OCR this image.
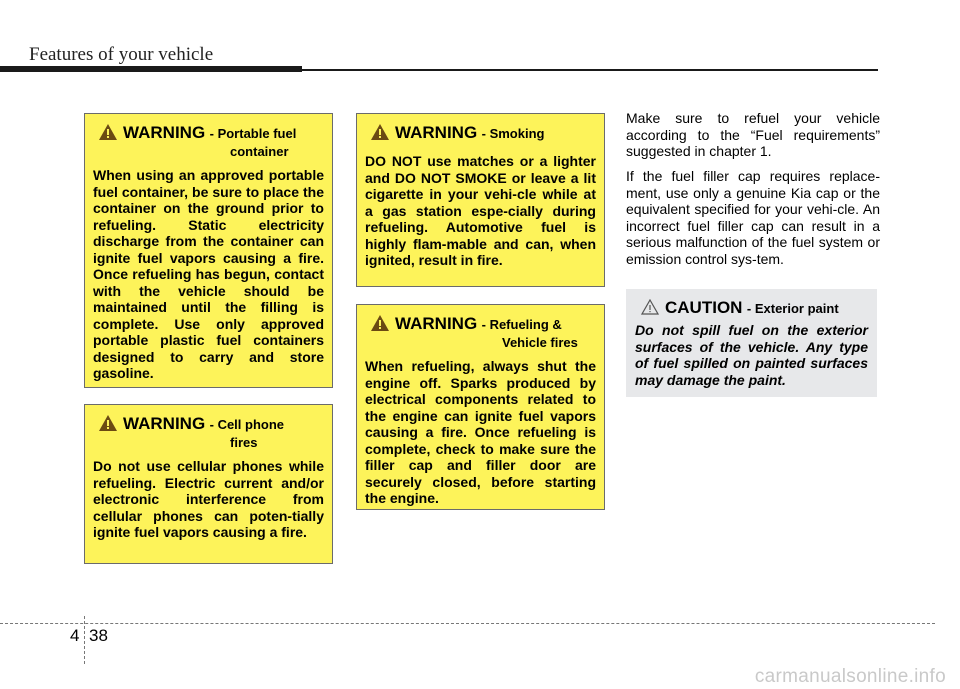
Features of your vehicle
WARNING - Portable fuel
container
When using an approved portable fuel container, be sure to place the container on the ground prior to refueling. Static electricity discharge from the container can ignite fuel vapors causing a fire. Once refueling has begun, contact with the vehicle should be maintained until the filling is complete. Use only approved portable plastic fuel containers designed to carry and store gasoline.
WARNING - Cell phone
fires
Do not use cellular phones while refueling. Electric current and/or electronic interference from cellular phones can poten-tially ignite fuel vapors causing a fire.
WARNING - Smoking
DO NOT use matches or a lighter and DO NOT SMOKE or leave a lit cigarette in your vehi-cle while at a gas station espe-cially during refueling. Automotive fuel is highly flam-mable and can, when ignited, result in fire.
WARNING - Refueling &
Vehicle fires
When refueling, always shut the engine off. Sparks produced by electrical components related to the engine can ignite fuel vapors causing a fire. Once refueling is complete, check to make sure the filler cap and filler door are securely closed, before starting the engine.

Make sure to refuel your vehicle according to the “Fuel requirements” suggested in chapter 1.

If the fuel filler cap requires replace-ment, use only a genuine Kia cap or the equivalent specified for your vehi-cle. An incorrect fuel filler cap can result in a serious malfunction of the fuel system or emission control sys-tem.

CAUTION - Exterior paint
Do not spill fuel on the exterior surfaces of the vehicle. Any type of fuel spilled on painted surfaces may damage the paint.
4 38
carmanualsonline.info
